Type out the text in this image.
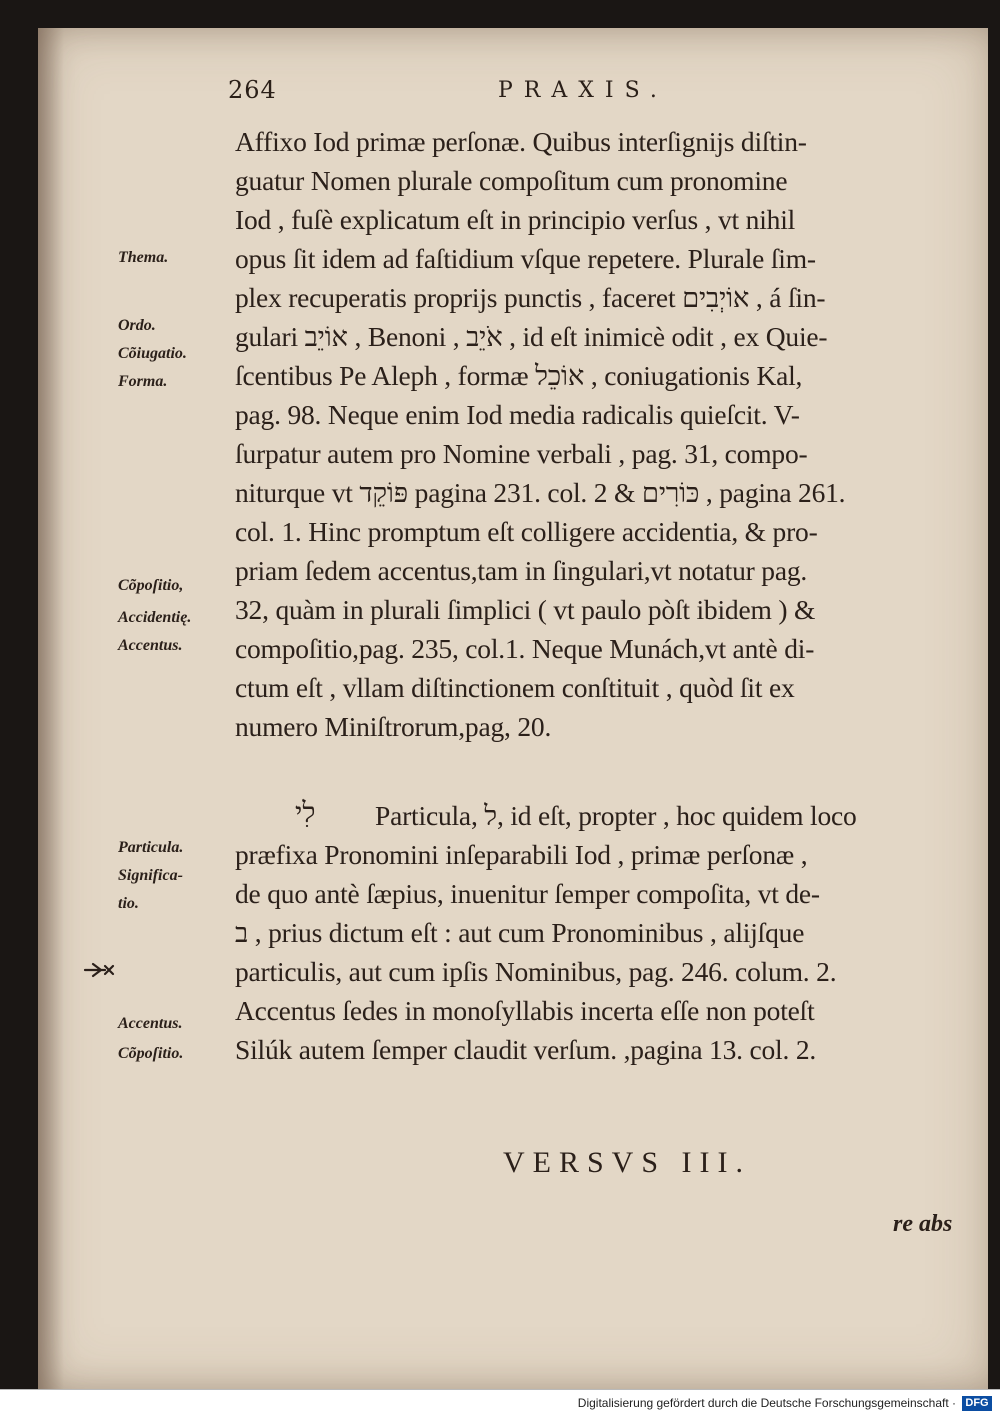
264	PRAXIS.
Thema.
Ordo.
Cõiugatio.
Forma.
Cõpoſitio,
Accidentię.
Accentus.
Particula.
Significa-
tio.
Accentus.
Cõpoſitio.
Affixo Iod primæ perſonæ. Quibus interſignijs diſtin-
guatur Nomen plurale compoſitum cum pronomine
Iod , fuſè explicatum eſt in principio verſus , vt nihil
opus ſit idem ad faſtidium vſque repetere. Plurale ſim-
plex recuperatis proprijs punctis , faceret אוֹיְבִים , á ſin-
gulari אוֹיֵב , Benoni , אֹיֵב , id eſt inimicè odit , ex Quie-
ſcentibus Pe Aleph , formæ אוֹכֵל , coniugationis Kal,
pag. 98. Neque enim Iod media radicalis quieſcit. V-
ſurpatur autem pro Nomine verbali , pag. 31, compo-
niturque vt פּוֹקֵד pagina 231. col. 2 & כּוֹרִים , pagina 261.
col. 1. Hinc promptum eſt colligere accidentia, & pro-
priam ſedem accentus,tam in ſingulari,vt notatur pag.
32, quàm in plurali ſimplici ( vt paulo pòſt ibidem ) &
compoſitio,pag. 235, col.1. Neque Munách,vt antè di-
ctum eſt , vllam diſtinctionem conſtituit , quòd ſit ex
numero Miniſtrorum,pag, 20.
לִי Particula, ל, id eſt, propter , hoc quidem loco
præfixa Pronomini inſeparabili Iod , primæ perſonæ ,
de quo antè ſæpius, inuenitur ſemper compoſita, vt de-
ב , prius dictum eſt : aut cum Pronominibus , alijſque
particulis, aut cum ipſis Nominibus, pag. 246. colum. 2.
Accentus ſedes in monoſyllabis incerta eſſe non poteſt
Silúk autem ſemper claudit verſum. ,pagina 13. col. 2.
VERSVS III.
re abs
Digitalisierung gefördert durch die Deutsche Forschungsgemeinschaft · DFG
